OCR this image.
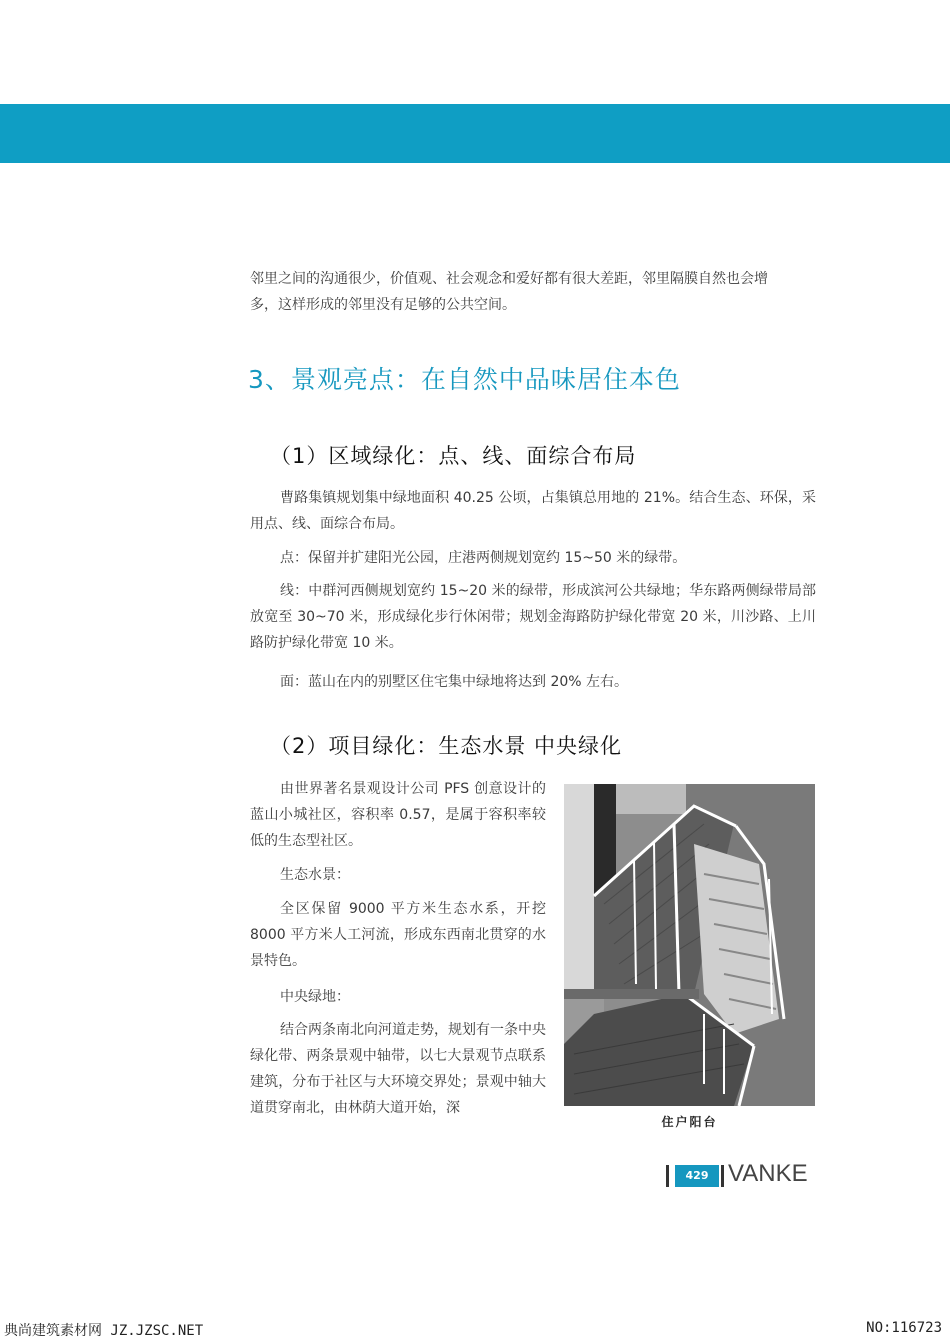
邻里之间的沟通很少，价值观、社会观念和爱好都有很大差距，邻里隔膜自然也会增

多，这样形成的邻里没有足够的公共空间。

3、景观亮点：在自然中品味居住本色
（1）区域绿化：点、线、面综合布局

曹路集镇规划集中绿地面积 40.25 公顷，占集镇总用地的 21%。结合生态、环保，采用点、线、面综合布局。

点：保留并扩建阳光公园，庄港两侧规划宽约 15~50 米的绿带。

线：中群河西侧规划宽约 15~20 米的绿带，形成滨河公共绿地；华东路两侧绿带局部放宽至 30~70 米，形成绿化步行休闲带；规划金海路防护绿化带宽 20 米，川沙路、上川路防护绿化带宽 10 米。

面：蓝山在内的别墅区住宅集中绿地将达到 20% 左右。

（2）项目绿化：生态水景 中央绿化

由世界著名景观设计公司 PFS 创意设计的蓝山小城社区，容积率 0.57，是属于容积率较低的生态型社区。

生态水景：

全区保留 9000 平方米生态水系，开挖 8000 平方米人工河流，形成东西南北贯穿的水景特色。

中央绿地：

结合两条南北向河道走势，规划有一条中央绿化带、两条景观中轴带，以七大景观节点联系建筑，分布于社区与大环境交界处；景观中轴大道贯穿南北，由林荫大道开始，深

住户阳台
429 VANKE
典尚建筑素材网 JZ.JZSC.NET	NO:116723
